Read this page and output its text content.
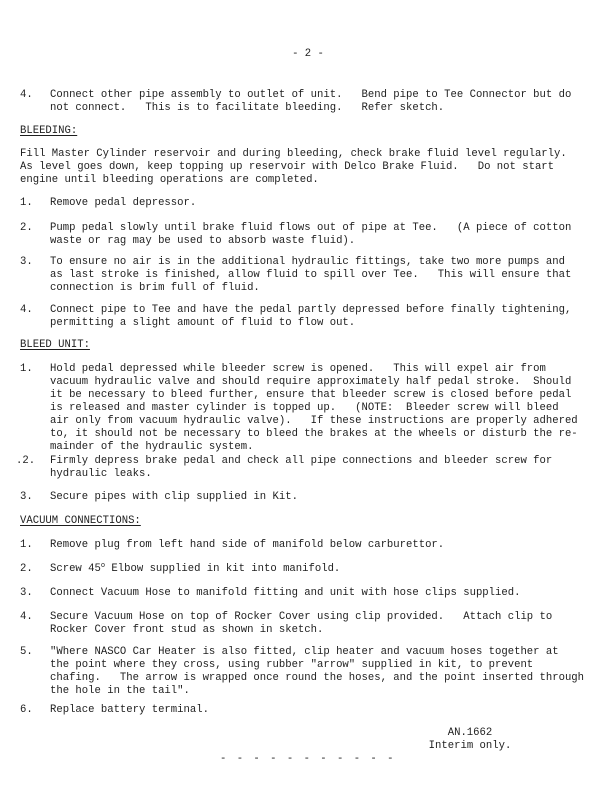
- 2 -
4. Connect other pipe assembly to outlet of unit.   Bend pipe to Tee Connector but do
not connect.   This is to facilitate bleeding.   Refer sketch.
BLEEDING:
Fill Master Cylinder reservoir and during bleeding, check brake fluid level regularly.
As level goes down, keep topping up reservoir with Delco Brake Fluid.   Do not start
engine until bleeding operations are completed.
1. Remove pedal depressor.
2. Pump pedal slowly until brake fluid flows out of pipe at Tee.   (A piece of cotton
waste or rag may be used to absorb waste fluid).
3. To ensure no air is in the additional hydraulic fittings, take two more pumps and
as last stroke is finished, allow fluid to spill over Tee.   This will ensure that
connection is brim full of fluid.
4. Connect pipe to Tee and have the pedal partly depressed before finally tightening,
permitting a slight amount of fluid to flow out.
BLEED UNIT:
1. Hold pedal depressed while bleeder screw is opened.   This will expel air from
vacuum hydraulic valve and should require approximately half pedal stroke.  Should
it be necessary to bleed further, ensure that bleeder screw is closed before pedal
is released and master cylinder is topped up.   (NOTE:  Bleeder screw will bleed
air only from vacuum hydraulic valve).   If these instructions are properly adhered
to, it should not be necessary to bleed the brakes at the wheels or disturb the re-
mainder of the hydraulic system.
.2. Firmly depress brake pedal and check all pipe connections and bleeder screw for
hydraulic leaks.
3. Secure pipes with clip supplied in Kit.
VACUUM CONNECTIONS:
1. Remove plug from left hand side of manifold below carburettor.
2. Screw 45$^o$ Elbow supplied in kit into manifold.
3. Connect Vacuum Hose to manifold fitting and unit with hose clips supplied.
4. Secure Vacuum Hose on top of Rocker Cover using clip provided.   Attach clip to
Rocker Cover front stud as shown in sketch.
5. "Where NASCO Car Heater is also fitted, clip heater and vacuum hoses together at
the point where they cross, using rubber "arrow" supplied in kit, to prevent
chafing.   The arrow is wrapped once round the hoses, and the point inserted through
the hole in the tail".
6. Replace battery terminal.
AN.1662
Interim only.
- - - - - - - - - - -
